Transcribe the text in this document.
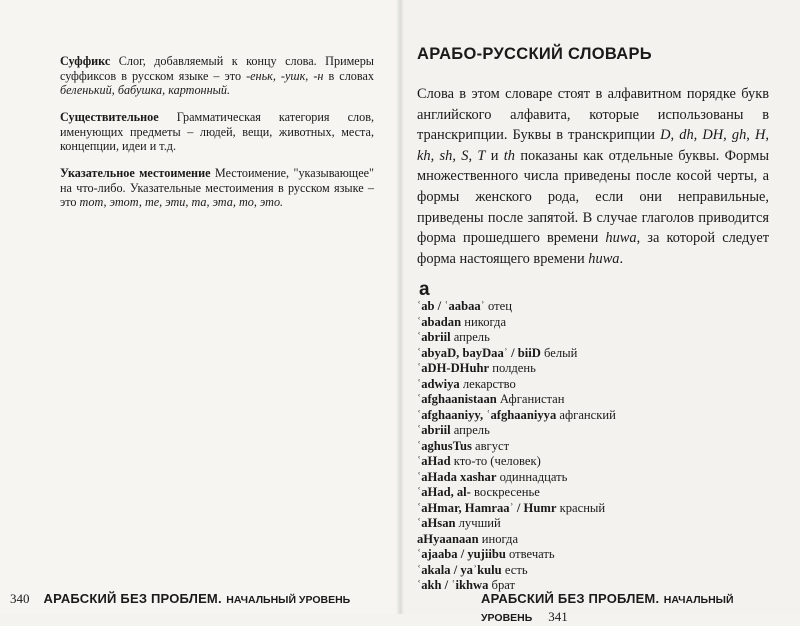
Суффикс Слог, добавляемый к концу слова. Примеры суффиксов в русском языке – это -еньк, -ушк, -н в словах беленький, бабушка, картонный.

Существительное Грамматическая категория слов, именующих предметы – людей, вещи, животных, места, концепции, идеи и т.д.

Указательное местоимение Местоимение, "указывающее" на что-либо. Указательные местоимения в русском языке – это тот, этот, те, эти, та, эта, то, это.

АРАБО-РУССКИЙ СЛОВАРЬ

Слова в этом словаре стоят в алфавитном порядке букв английского алфавита, которые использованы в транскрипции. Буквы в транскрипции D, dh, DH, gh, H, kh, sh, S, T и th показаны как отдельные буквы. Формы множественного числа приведены после косой черты, а формы женского рода, если они неправильные, приведены после запятой. В случае глаголов приводится форма прошедшего времени huwa, за которой следует форма настоящего времени huwa.

a
ʿab / ʿaabaaʾ отец
ʿabadan никогда
ʿabriil апрель
ʿabyaD, bayDaaʾ / biiD белый
ʿaDH-DHuhr полдень
ʿadwiya лекарство
ʿafghaanistaan Афганистан
ʿafghaaniyy, ʿafghaaniyya афганский
ʿabriil апрель
ʿaghusTus август
ʿaHad кто-то (человек)
ʿaHada xashar одиннадцать
ʿaHad, al- воскресенье
ʿaHmar, Hamraaʾ / Humr красный
ʿaHsan лучший
aHyaanaan иногда
ʿajaaba / yujiibu отвечать
ʿakala / yaʾkulu есть
ʿakh / ʿikhwa брат
340 АРАБСКИЙ БЕЗ ПРОБЛЕМ. НАЧАЛЬНЫЙ УРОВЕНЬ	АРАБСКИЙ БЕЗ ПРОБЛЕМ. НАЧАЛЬНЫЙ УРОВЕНЬ 341
